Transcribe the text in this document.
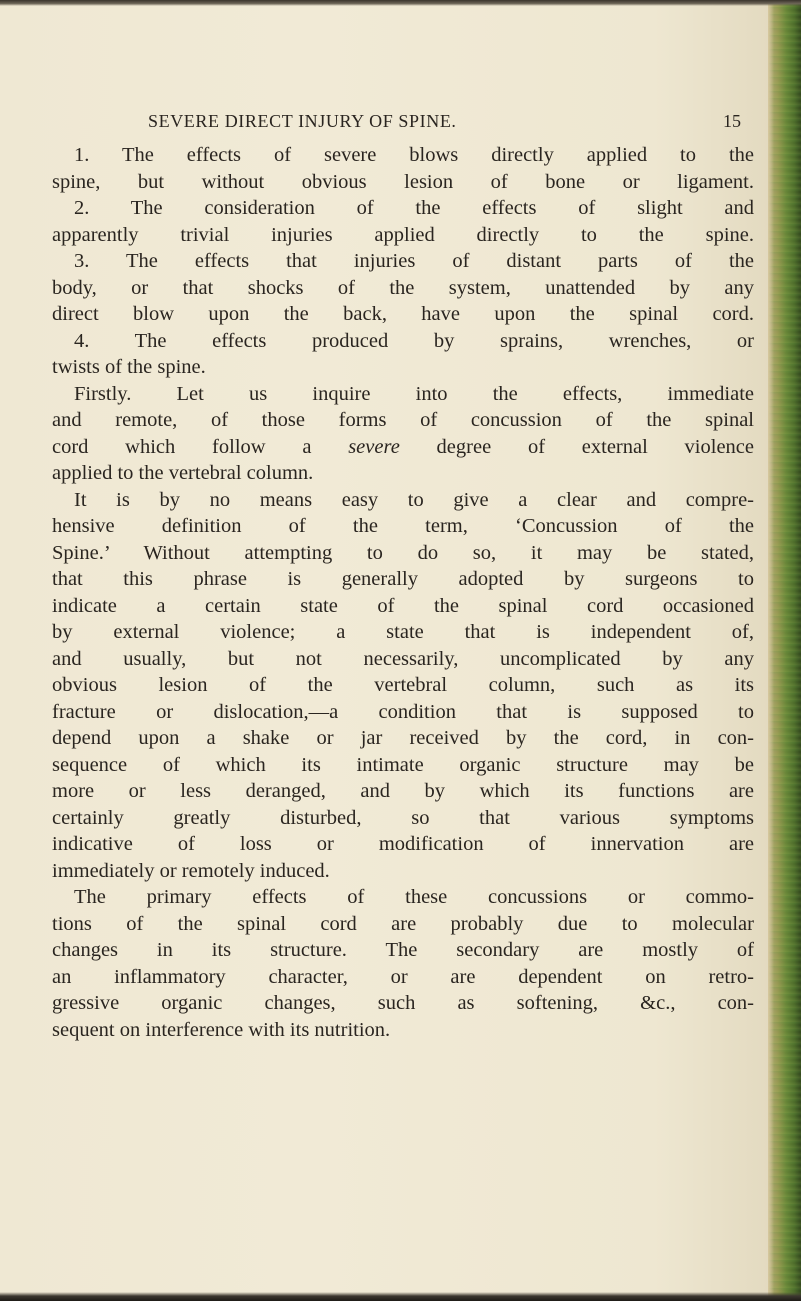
SEVERE DIRECT INJURY OF SPINE.	15
1. The effects of severe blows directly applied to the
spine, but without obvious lesion of bone or ligament.
2. The consideration of the effects of slight and
apparently trivial injuries applied directly to the spine.
3. The effects that injuries of distant parts of the
body, or that shocks of the system, unattended by any
direct blow upon the back, have upon the spinal cord.
4. The effects produced by sprains, wrenches, or
twists of the spine.
Firstly. Let us inquire into the effects, immediate
and remote, of those forms of concussion of the spinal
cord which follow a severe degree of external violence
applied to the vertebral column.
It is by no means easy to give a clear and compre-
hensive definition of the term, ‘Concussion of the
Spine.’ Without attempting to do so, it may be stated,
that this phrase is generally adopted by surgeons to
indicate a certain state of the spinal cord occasioned
by external violence; a state that is independent of,
and usually, but not necessarily, uncomplicated by any
obvious lesion of the vertebral column, such as its
fracture or dislocation,—a condition that is supposed to
depend upon a shake or jar received by the cord, in con-
sequence of which its intimate organic structure may be
more or less deranged, and by which its functions are
certainly greatly disturbed, so that various symptoms
indicative of loss or modification of innervation are
immediately or remotely induced.
The primary effects of these concussions or commo-
tions of the spinal cord are probably due to molecular
changes in its structure. The secondary are mostly of
an inflammatory character, or are dependent on retro-
gressive organic changes, such as softening, &c., con-
sequent on interference with its nutrition.
